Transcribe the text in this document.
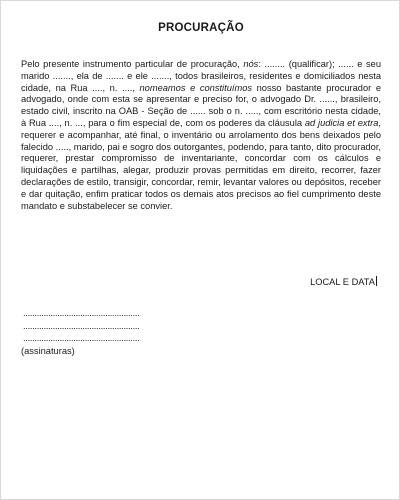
PROCURAÇÃO
Pelo presente instrumento particular de procuração, nós: ........ (qualificar); ...... e seu marido ......., ela de ....... e ele ......., todos brasileiros, residentes e domiciliados nesta cidade, na Rua ...., n. ...., nomeamos e constituímos nosso bastante procurador e advogado, onde com esta se apresentar e preciso for, o advogado Dr. ......, brasileiro, estado civil, inscrito na OAB - Seção de ...... sob o n. ....., com escritório nesta cidade, à Rua ...., n. ..., para o fim especial de, com os poderes da cláusula ad judicia et extra, requerer e acompanhar, até final, o inventário ou arrolamento dos bens deixados pelo falecido ....., marido, pai e sogro dos outorgantes, podendo, para tanto, dito procurador, requerer, prestar compromisso de inventariante, concordar com os cálculos e liquidações e partilhas, alegar, produzir provas permitidas em direito, recorrer, fazer declarações de estilo, transigir, concordar, remir, levantar valores ou depósitos, receber e dar quitação, enfim praticar todos os demais atos precisos ao fiel cumprimento deste mandato e substabelecer se convier.
LOCAL E DATA
...................................................
...................................................
...................................................
(assinaturas)
